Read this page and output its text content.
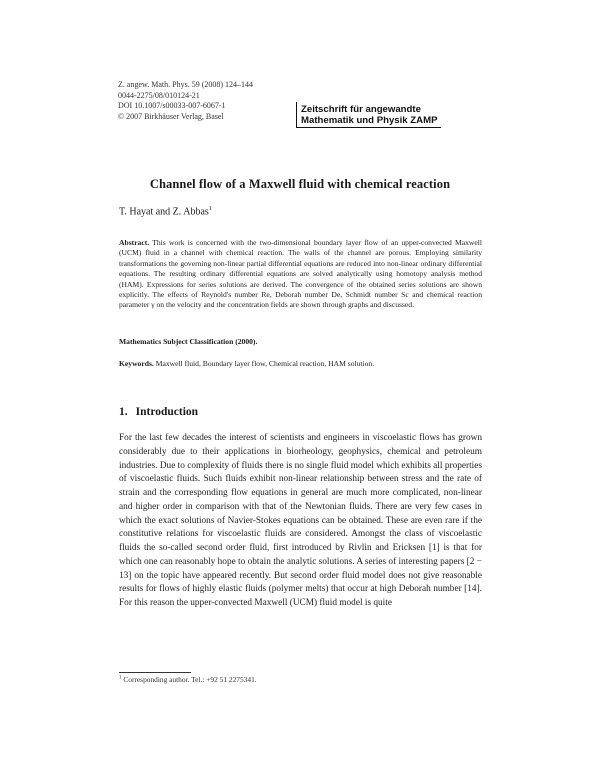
Z. angew. Math. Phys. 59 (2008) 124–144
0044-2275/08/010124-21
DOI 10.1007/s00033-007-6067-1
© 2007 Birkhäuser Verlag, Basel
Zeitschrift für angewandte
Mathematik und Physik ZAMP
Channel flow of a Maxwell fluid with chemical reaction
T. Hayat and Z. Abbas$^1$
Abstract. This work is concerned with the two-dimensional boundary layer flow of an upper-convected Maxwell (UCM) fluid in a channel with chemical reaction. The walls of the channel are porous. Employing similarity transformations the governing non-linear partial differential equations are reduced into non-linear ordinary differential equations. The resulting ordinary differential equations are solved analytically using homotopy analysis method (HAM). Expressions for series solutions are derived. The convergence of the obtained series solutions are shown explicitly. The effects of Reynold's number Re, Deborah number De, Schmidt number Sc and chemical reaction parameter γ on the velocity and the concentration fields are shown through graphs and discussed.
Mathematics Subject Classification (2000).
Keywords. Maxwell fluid, Boundary layer flow, Chemical reaction, HAM solution.
1. Introduction
For the last few decades the interest of scientists and engineers in viscoelastic flows has grown considerably due to their applications in biorheology, geophysics, chemical and petroleum industries. Due to complexity of fluids there is no single fluid model which exhibits all properties of viscoelastic fluids. Such fluids exhibit non-linear relationship between stress and the rate of strain and the corresponding flow equations in general are much more complicated, non-linear and higher order in comparison with that of the Newtonian fluids. There are very few cases in which the exact solutions of Navier-Stokes equations can be obtained. These are even rare if the constitutive relations for viscoelastic fluids are considered. Amongst the class of viscoelastic fluids the so-called second order fluid, first introduced by Rivlin and Ericksen [1] is that for which one can reasonably hope to obtain the analytic solutions. A series of interesting papers [2 − 13] on the topic have appeared recently. But second order fluid model does not give reasonable results for flows of highly elastic fluids (polymer melts) that occur at high Deborah number [14]. For this reason the upper-convected Maxwell (UCM) fluid model is quite
$^1$ Corresponding author. Tel.: +92 51 2275341.
